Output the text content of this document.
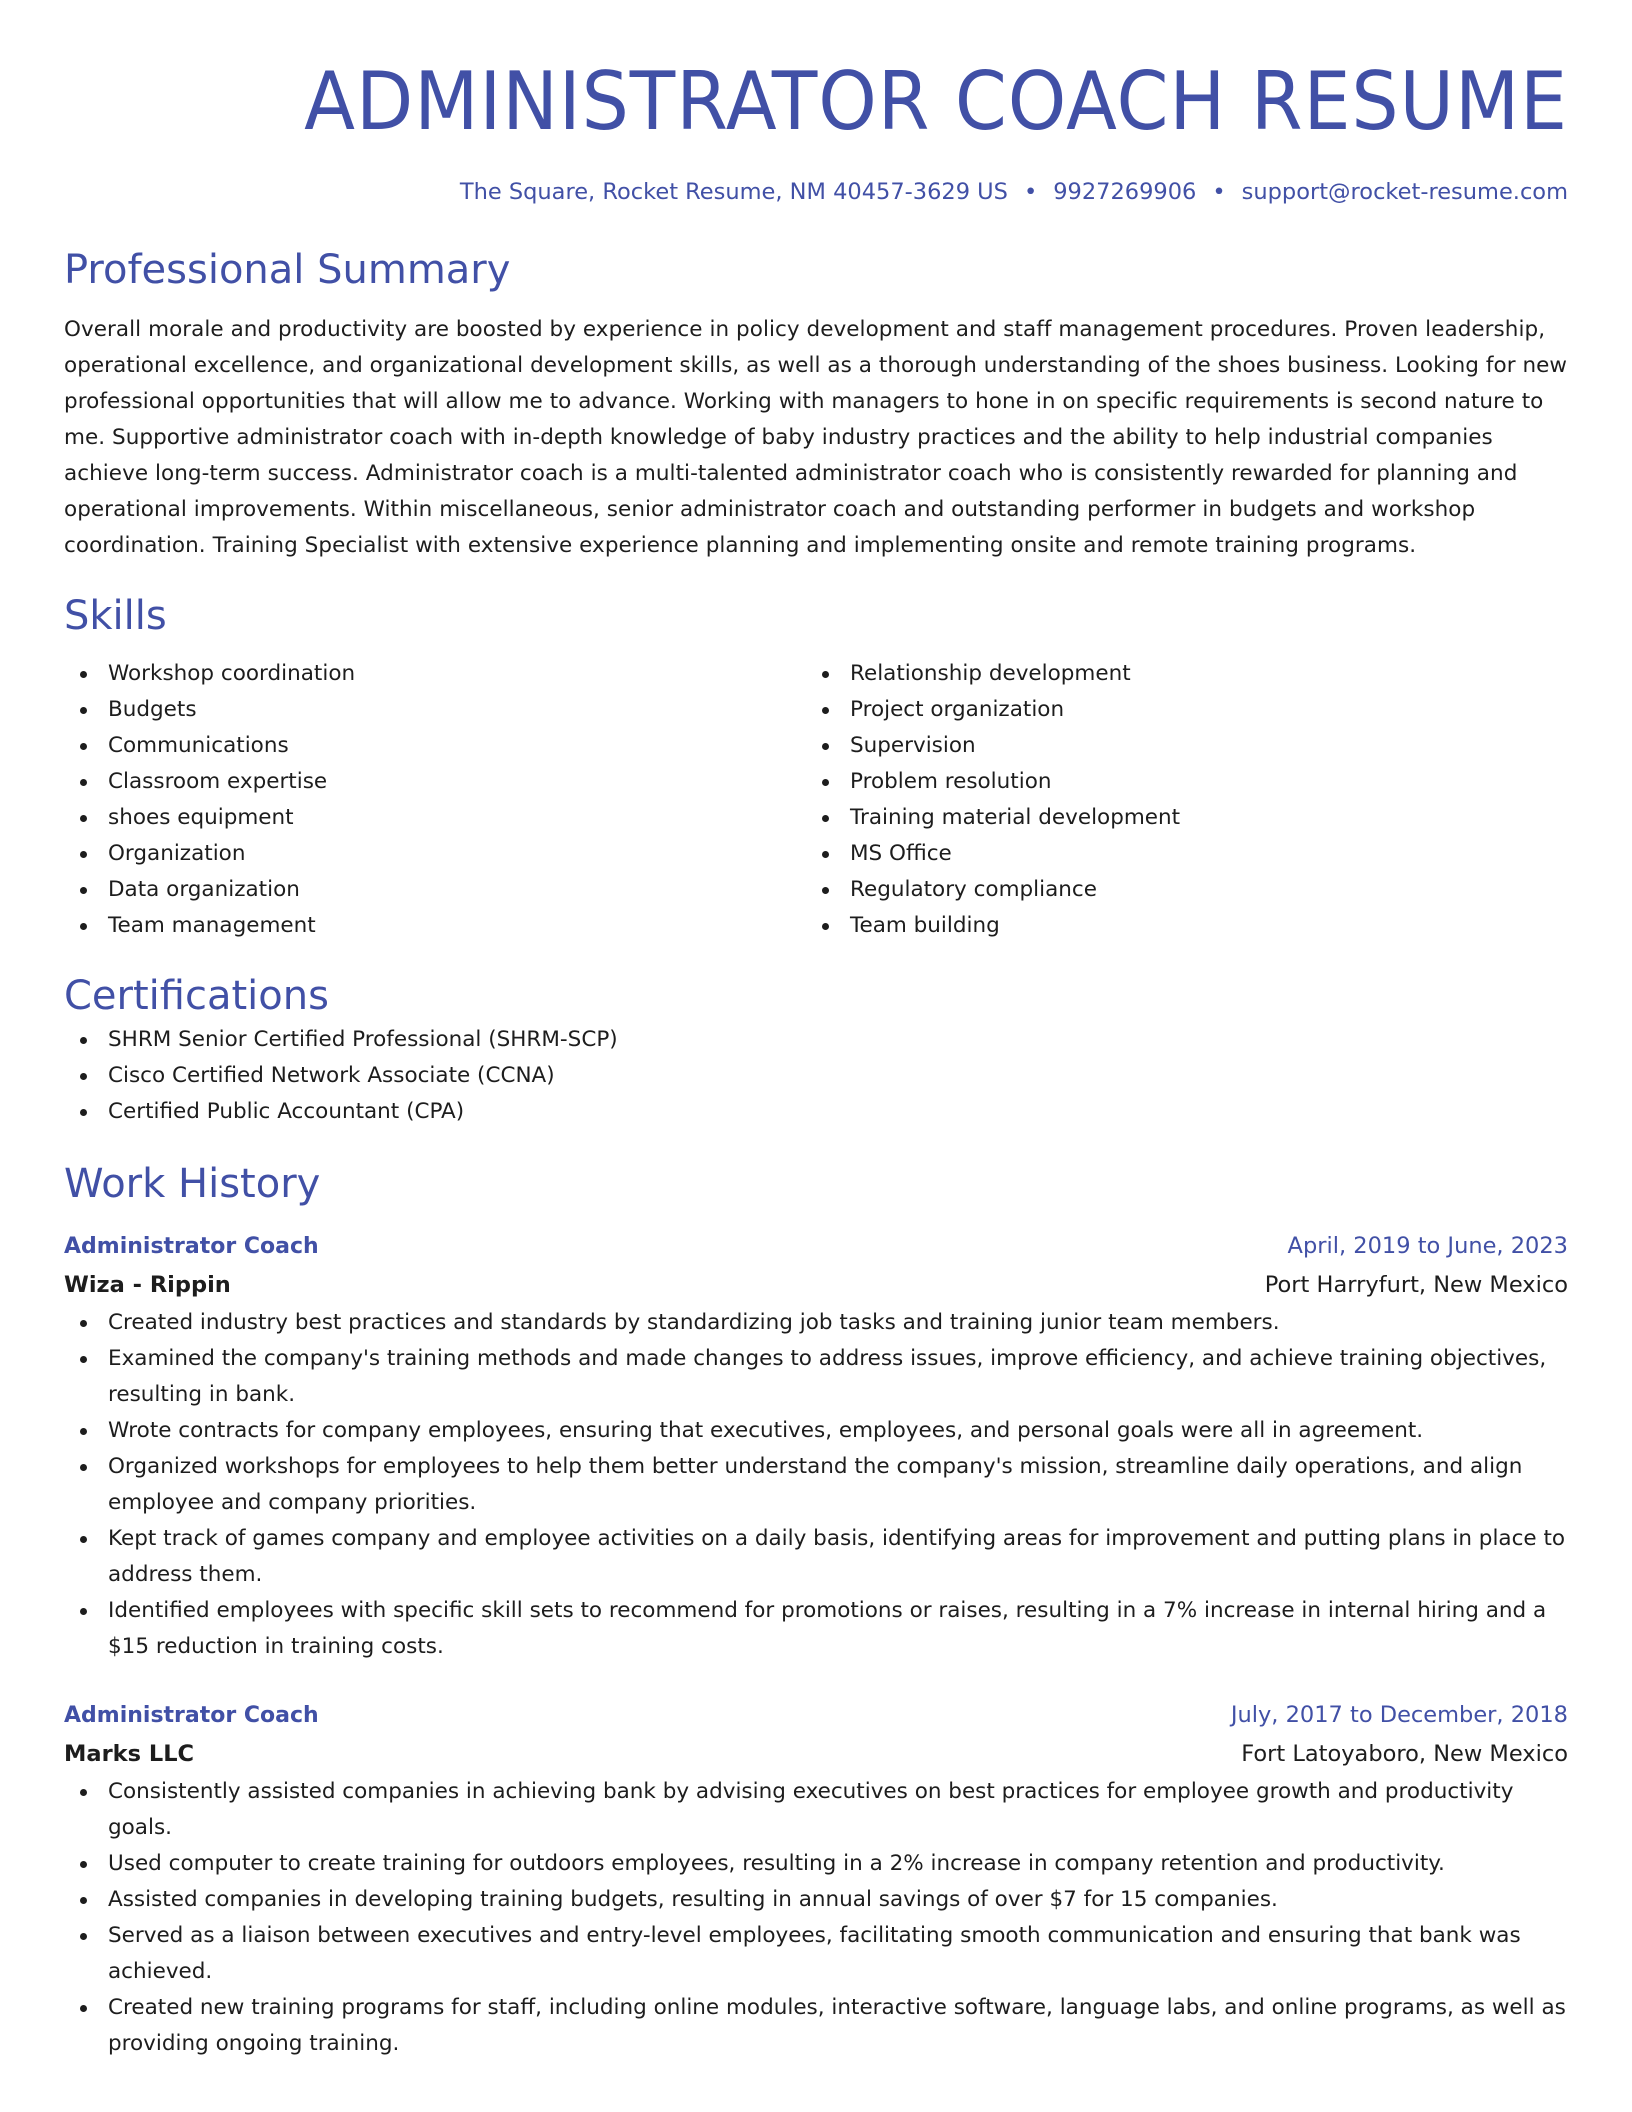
ADMINISTRATOR COACH RESUME
The Square, Rocket Resume, NM 40457-3629 US • 9927269906 • support@rocket-resume.com
Professional Summary

Overall morale and productivity are boosted by experience in policy development and staff management procedures. Proven leadership, operational excellence, and organizational development skills, as well as a thorough understanding of the shoes business. Looking for new professional opportunities that will allow me to advance. Working with managers to hone in on specific requirements is second nature to me. Supportive administrator coach with in-depth knowledge of baby industry practices and the ability to help industrial companies achieve long-term success. Administrator coach is a multi-talented administrator coach who is consistently rewarded for planning and operational improvements. Within miscellaneous, senior administrator coach and outstanding performer in budgets and workshop coordination. Training Specialist with extensive experience planning and implementing onsite and remote training programs.

Skills
Workshop coordination
Budgets
Communications
Classroom expertise
shoes equipment
Organization
Data organization
Team management
Relationship development
Project organization
Supervision
Problem resolution
Training material development
MS Office
Regulatory compliance
Team building
Certifications
SHRM Senior Certified Professional (SHRM-SCP)
Cisco Certified Network Associate (CCNA)
Certified Public Accountant (CPA)
Work History
Administrator Coach	April, 2019 to June, 2023
Wiza - Rippin	Port Harryfurt, New Mexico
Created industry best practices and standards by standardizing job tasks and training junior team members.
Examined the company's training methods and made changes to address issues, improve efficiency, and achieve training objectives, resulting in bank.
Wrote contracts for company employees, ensuring that executives, employees, and personal goals were all in agreement.
Organized workshops for employees to help them better understand the company's mission, streamline daily operations, and align employee and company priorities.
Kept track of games company and employee activities on a daily basis, identifying areas for improvement and putting plans in place to address them.
Identified employees with specific skill sets to recommend for promotions or raises, resulting in a 7% increase in internal hiring and a $15 reduction in training costs.
Administrator Coach	July, 2017 to December, 2018
Marks LLC	Fort Latoyaboro, New Mexico
Consistently assisted companies in achieving bank by advising executives on best practices for employee growth and productivity goals.
Used computer to create training for outdoors employees, resulting in a 2% increase in company retention and productivity.
Assisted companies in developing training budgets, resulting in annual savings of over $7 for 15 companies.
Served as a liaison between executives and entry-level employees, facilitating smooth communication and ensuring that bank was achieved.
Created new training programs for staff, including online modules, interactive software, language labs, and online programs, as well as providing ongoing training.
